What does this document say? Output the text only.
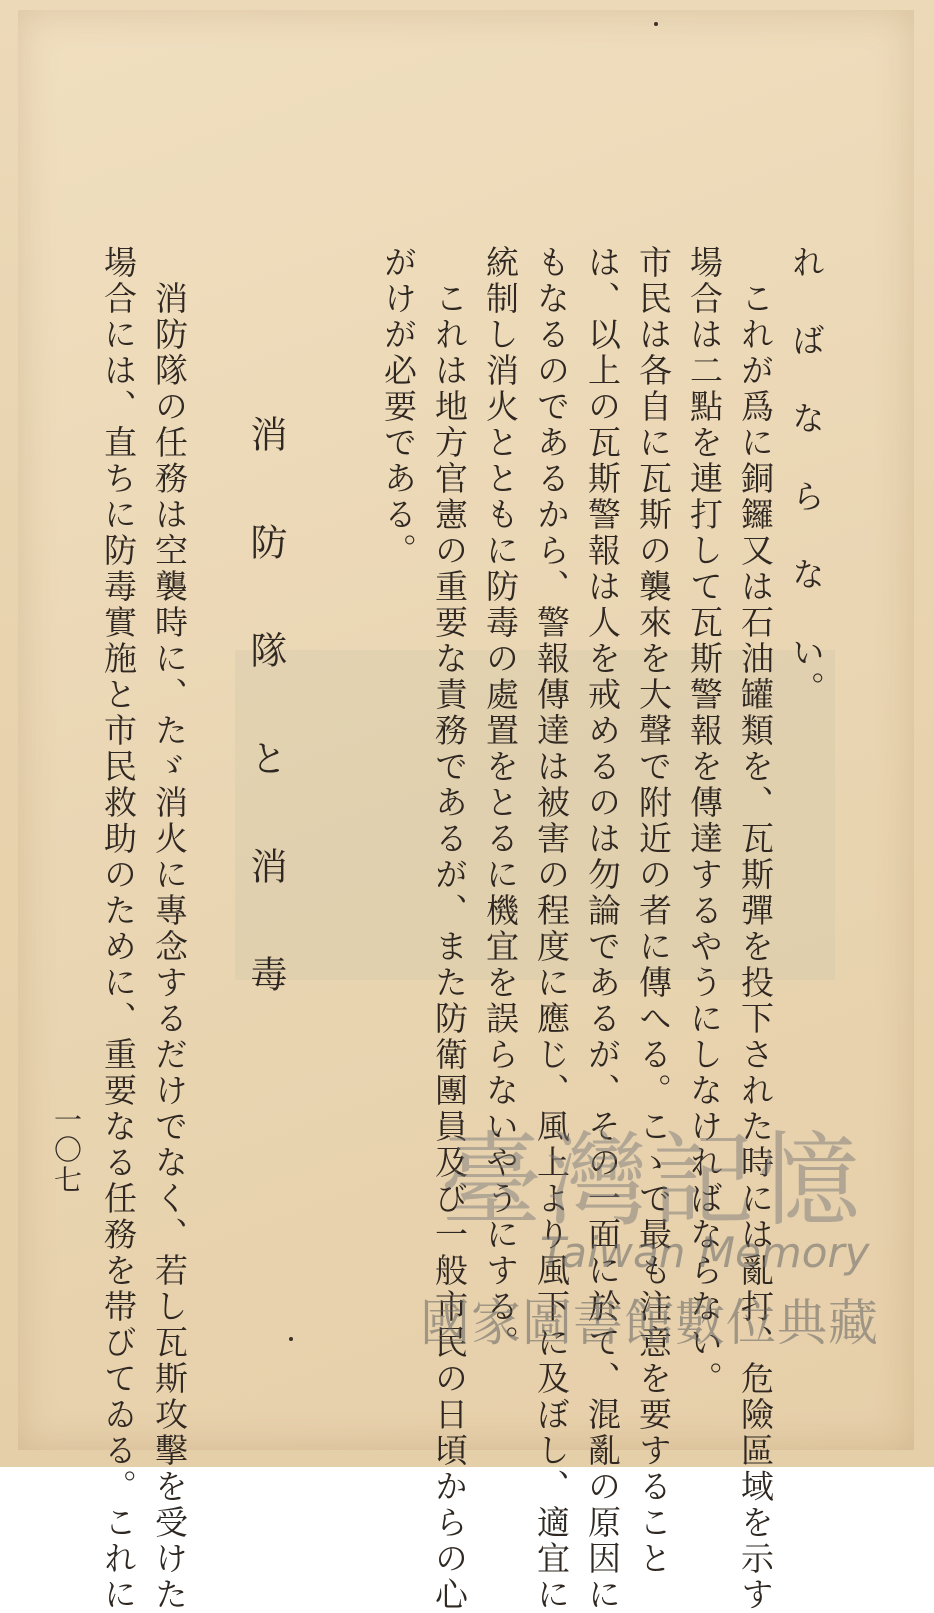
れ ば な ら な い。
　これが爲に銅鑼又は石油罐類を、瓦斯彈を投下された時には亂打、危險區域を示す
場合は二點を連打して瓦斯警報を傳達するやうにしなければならない。
市民は各自に瓦斯の襲來を大聲で附近の者に傳へる。こゝで最も注意を要すること
は、以上の瓦斯警報は人を戒めるのは勿論であるが、その一面に於て、混亂の原因に
もなるのであるから、警報傳達は被害の程度に應じ、風上より風下に及ぼし、適宜に
統制し消火とともに防毒の處置をとるに機宜を誤らないやうにする。
　これは地方官憲の重要な責務であるが、また防衛團員及び一般市民の日頃からの心
がけが必要である。
消 防 隊 と 消 毒
　消防隊の任務は空襲時に、たゞ消火に專念するだけでなく、若し瓦斯攻擊を受けた
場合には、直ちに防毒實施と市民救助のために、重要なる任務を帯びてゐる。これに
一〇七	臺灣記憶
Taiwan Memory
國家圖書館數位典藏
